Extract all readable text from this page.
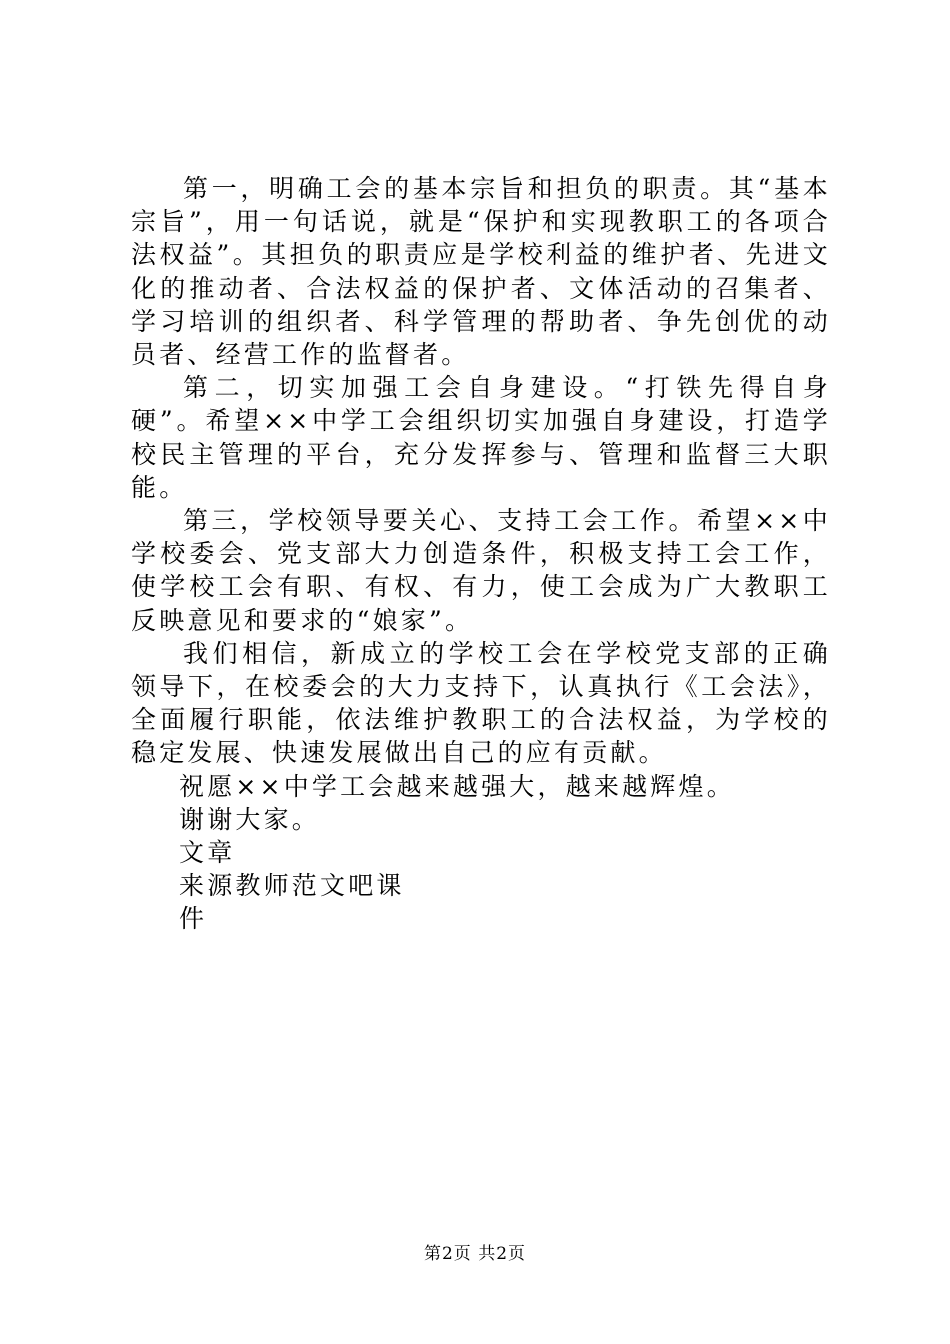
第一，明确工会的基本宗旨和担负的职责。其“基本宗旨”，用一句话说，就是“保护和实现教职工的各项合法权益”。其担负的职责应是学校利益的维护者、先进文化的推动者、合法权益的保护者、文体活动的召集者、学习培训的组织者、科学管理的帮助者、争先创优的动员者、经营工作的监督者。

第二，切实加强工会自身建设。“打铁先得自身硬”。希望××中学工会组织切实加强自身建设，打造学校民主管理的平台，充分发挥参与、管理和监督三大职能。

第三，学校领导要关心、支持工会工作。希望××中学校委会、党支部大力创造条件，积极支持工会工作，使学校工会有职、有权、有力，使工会成为广大教职工反映意见和要求的“娘家”。

我们相信，新成立的学校工会在学校党支部的正确领导下，在校委会的大力支持下，认真执行《工会法》，全面履行职能，依法维护教职工的合法权益，为学校的稳定发展、快速发展做出自己的应有贡献。

祝愿××中学工会越来越强大，越来越辉煌。

谢谢大家。

文章

来源教师范文吧课

件

第2页 共2页
